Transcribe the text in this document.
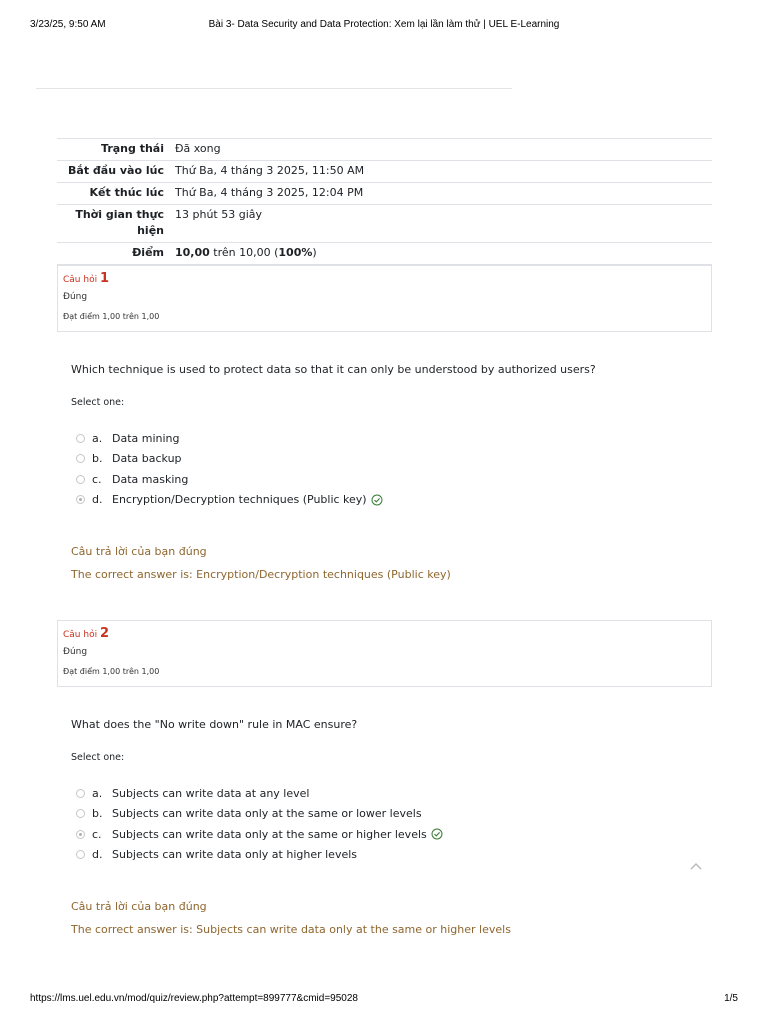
3/23/25, 9:50 AM	Bài 3- Data Security and Data Protection: Xem lại lần làm thử | UEL E-Learning
Trạng thái	Đã xong
Bắt đầu vào lúc	Thứ Ba, 4 tháng 3 2025, 11:50 AM
Kết thúc lúc	Thứ Ba, 4 tháng 3 2025, 12:04 PM
Thời gian thực hiện	13 phút 53 giây
Điểm	10,00 trên 10,00 (100%)
Câu hỏi 1
Đúng
Đạt điểm 1,00 trên 1,00
Which technique is used to protect data so that it can only be understood by authorized users?
Select one:
a. Data mining
b. Data backup
c. Data masking
d. Encryption/Decryption techniques (Public key)
Câu trả lời của bạn đúng
The correct answer is: Encryption/Decryption techniques (Public key)
Câu hỏi 2
Đúng
Đạt điểm 1,00 trên 1,00
What does the "No write down" rule in MAC ensure?
Select one:
a. Subjects can write data at any level
b. Subjects can write data only at the same or lower levels
c. Subjects can write data only at the same or higher levels
d. Subjects can write data only at higher levels
Câu trả lời của bạn đúng
The correct answer is: Subjects can write data only at the same or higher levels
https://lms.uel.edu.vn/mod/quiz/review.php?attempt=899777&cmid=95028	1/5
